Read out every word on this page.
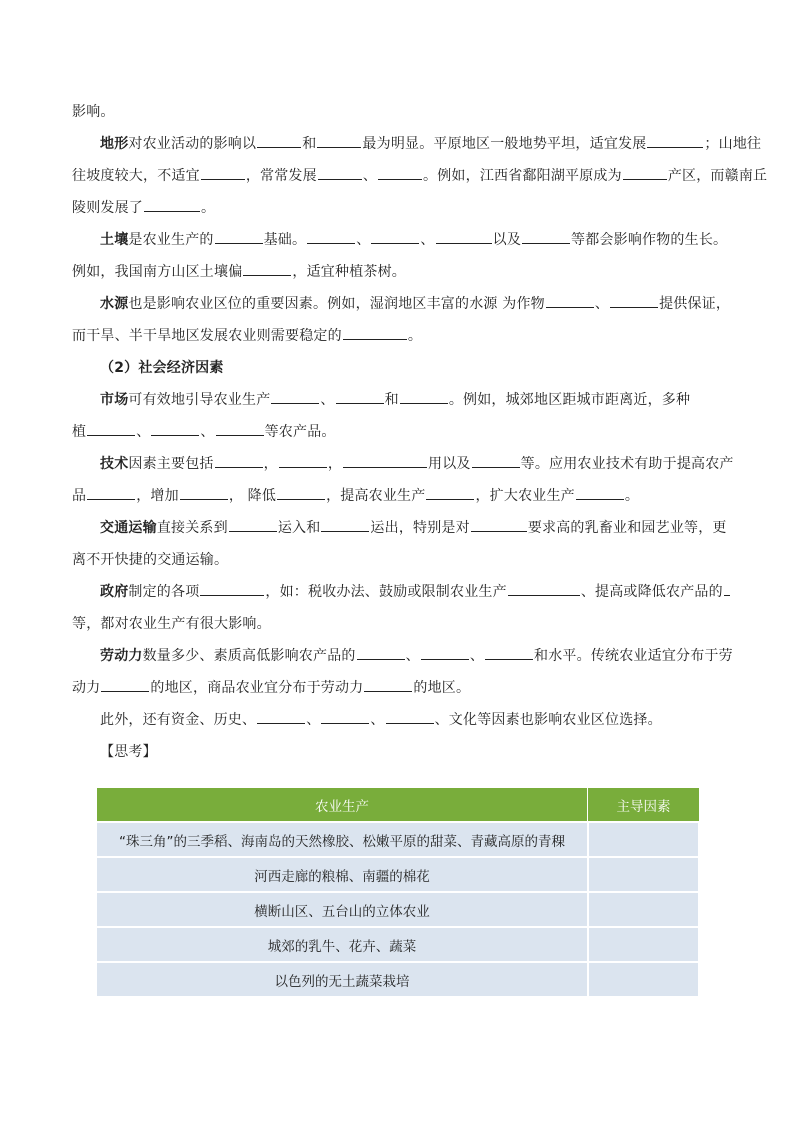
影响。

地形对农业活动的影响以	和	最为明显。平原地区一般地势平坦，适宜发展	；山地往

往坡度较大，不适宜	，常常发展	、	。例如，江西省鄱阳湖平原成为	产区，而赣南丘

陵则发展了	。

土壤是农业生产的	基础。	、	、	以及	等都会影响作物的生长。

例如，我国南方山区土壤偏	，适宜种植茶树。

水源也是影响农业区位的重要因素。例如，湿润地区丰富的水源 为作物	、	提供保证，

而干旱、半干旱地区发展农业则需要稳定的	。

（2）社会经济因素

市场可有效地引导农业生产	、	和	。例如，城郊地区距城市距离近，多种

植	、	、	等农产品。

技术因素主要包括	，	，	用以及	等。应用农业技术有助于提高农产

品	，增加	， 降低	，提高农业生产	，扩大农业生产	。

交通运输直接关系到	运入和	运出，特别是对	要求高的乳畜业和园艺业等，更

离不开快捷的交通运输。

政府制定的各项	，如：税收办法、鼓励或限制农业生产	、提高或降低农产品的

等，都对农业生产有很大影响。

劳动力数量多少、素质高低影响农产品的	、	、	和水平。传统农业适宜分布于劳

动力	的地区，商品农业宜分布于劳动力	的地区。

此外，还有资金、历史、	、	、	、文化等因素也影响农业区位选择。

【思考】

农业生产	主导因素
“珠三角”的三季稻、海南岛的天然橡胶、松嫩平原的甜菜、青藏高原的青稞	
河西走廊的粮棉、南疆的棉花	
横断山区、五台山的立体农业	
城郊的乳牛、花卉、蔬菜	
以色列的无土蔬菜栽培	
